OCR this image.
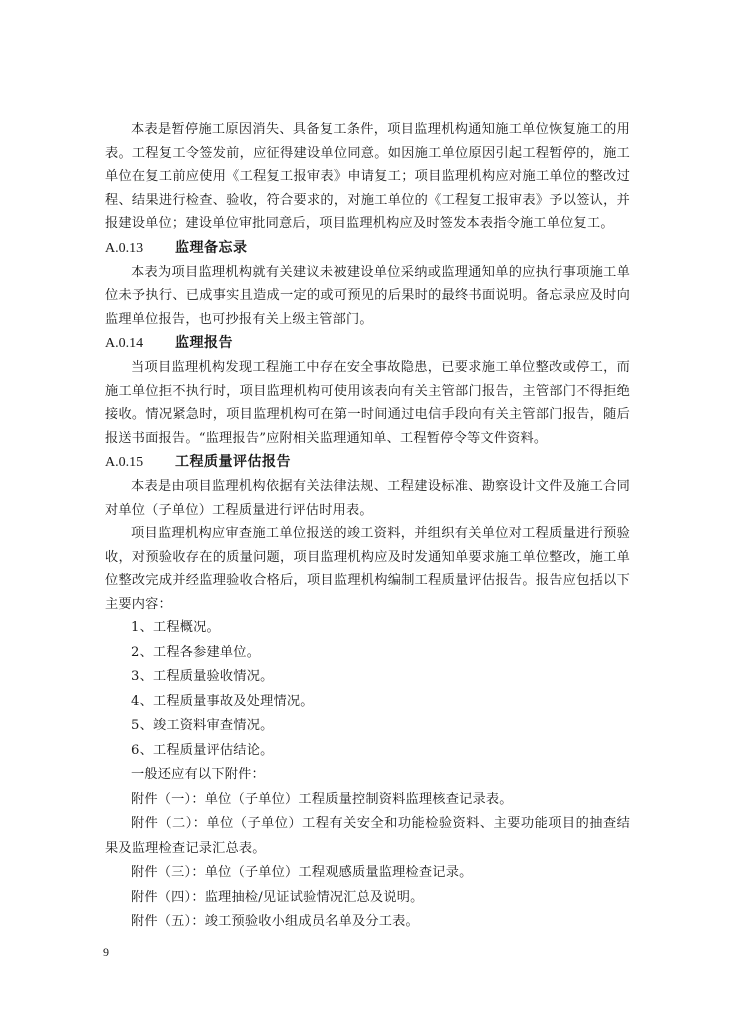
本表是暂停施工原因消失、具备复工条件，项目监理机构通知施工单位恢复施工的用表。工程复工令签发前，应征得建设单位同意。如因施工单位原因引起工程暂停的，施工单位在复工前应使用《工程复工报审表》申请复工；项目监理机构应对施工单位的整改过程、结果进行检查、验收，符合要求的，对施工单位的《工程复工报审表》予以签认，并报建设单位；建设单位审批同意后，项目监理机构应及时签发本表指令施工单位复工。

A.0.13 监理备忘录

本表为项目监理机构就有关建议未被建设单位采纳或监理通知单的应执行事项施工单位未予执行、已成事实且造成一定的或可预见的后果时的最终书面说明。备忘录应及时向监理单位报告，也可抄报有关上级主管部门。

A.0.14 监理报告

当项目监理机构发现工程施工中存在安全事故隐患，已要求施工单位整改或停工，而施工单位拒不执行时，项目监理机构可使用该表向有关主管部门报告，主管部门不得拒绝接收。情况紧急时，项目监理机构可在第一时间通过电信手段向有关主管部门报告，随后报送书面报告。“监理报告”应附相关监理通知单、工程暂停令等文件资料。

A.0.15 工程质量评估报告

本表是由项目监理机构依据有关法律法规、工程建设标准、勘察设计文件及施工合同对单位（子单位）工程质量进行评估时用表。

项目监理机构应审查施工单位报送的竣工资料，并组织有关单位对工程质量进行预验收，对预验收存在的质量问题，项目监理机构应及时发通知单要求施工单位整改，施工单位整改完成并经监理验收合格后，项目监理机构编制工程质量评估报告。报告应包括以下主要内容：

1、工程概况。

2、工程各参建单位。

3、工程质量验收情况。

4、工程质量事故及处理情况。

5、竣工资料审查情况。

6、工程质量评估结论。

一般还应有以下附件：

附件（一）：单位（子单位）工程质量控制资料监理核查记录表。

附件（二）：单位（子单位）工程有关安全和功能检验资料、主要功能项目的抽查结果及监理检查记录汇总表。

附件（三）：单位（子单位）工程观感质量监理检查记录。

附件（四）：监理抽检/见证试验情况汇总及说明。

附件（五）：竣工预验收小组成员名单及分工表。

9
